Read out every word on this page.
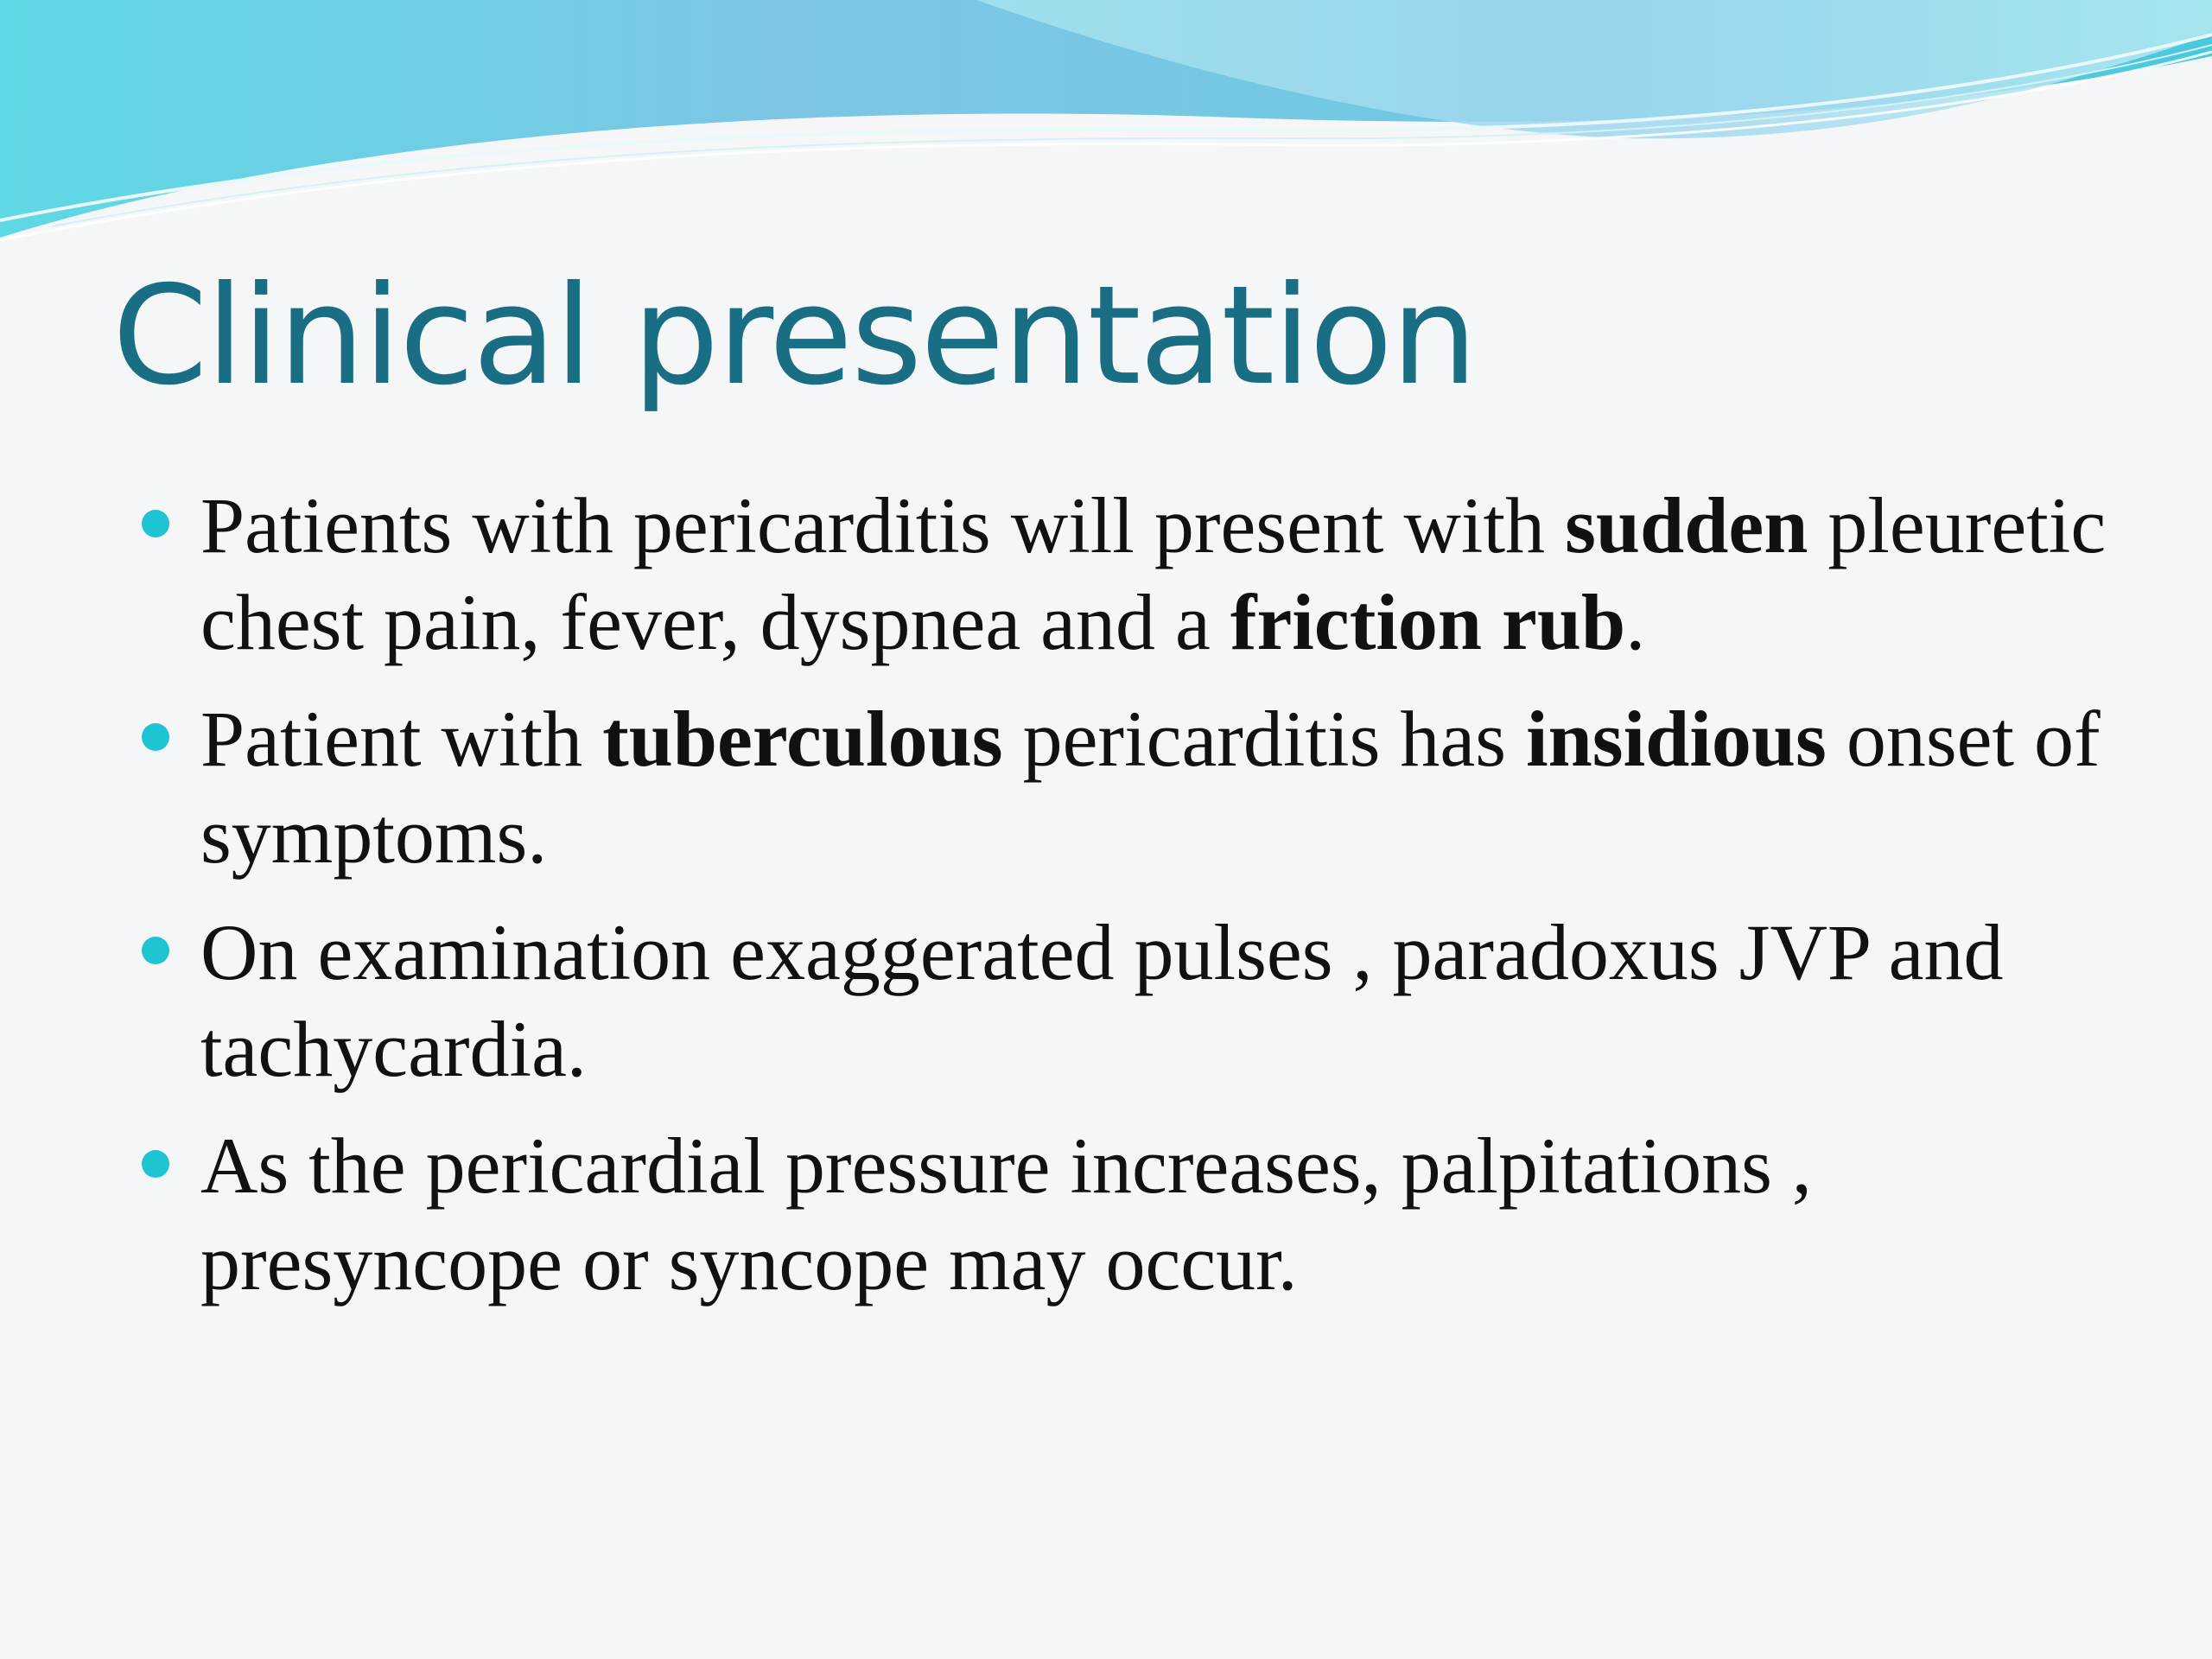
Clinical presentation
Patients with pericarditis will present with sudden pleuretic chest pain, fever, dyspnea and a friction rub.
Patient with tuberculous pericarditis has insidious onset of symptoms.
On examination exaggerated pulses , paradoxus JVP and tachycardia.
As the pericardial pressure increases, palpitations , presyncope or syncope may occur.
